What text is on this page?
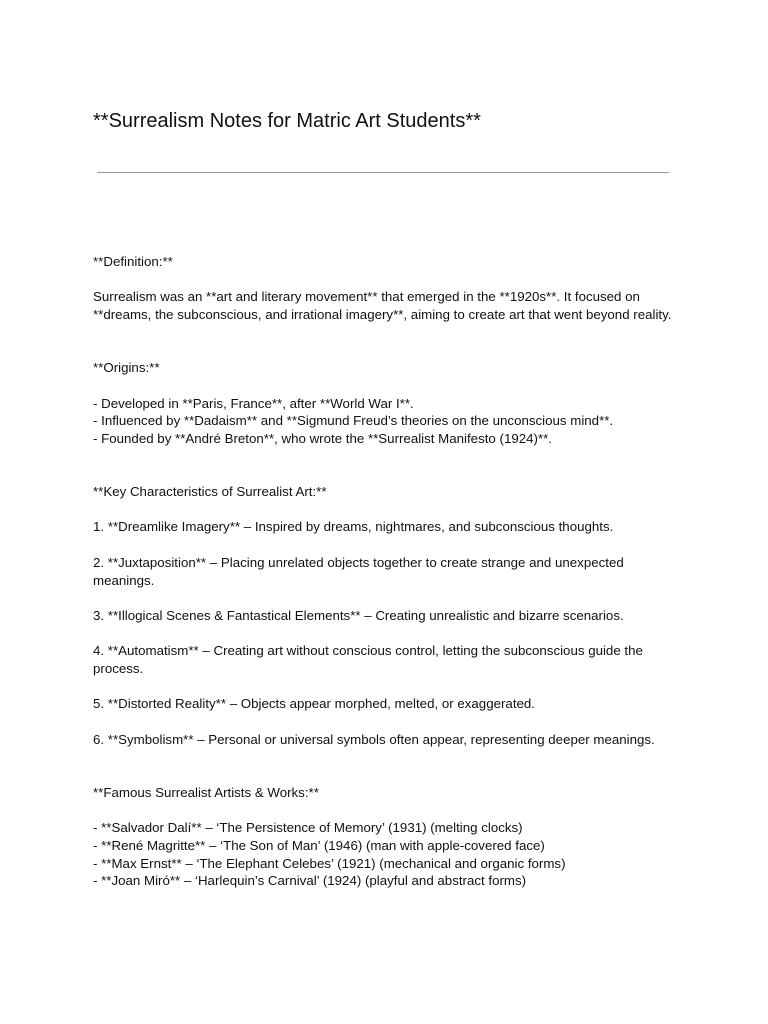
**Surrealism Notes for Matric Art Students**

**Definition:**

Surrealism was an **art and literary movement** that emerged in the **1920s**. It focused on **dreams, the subconscious, and irrational imagery**, aiming to create art that went beyond reality.

**Origins:**

- Developed in **Paris, France**, after **World War I**.

- Influenced by **Dadaism** and **Sigmund Freud’s theories on the unconscious mind**.

- Founded by **André Breton**, who wrote the **Surrealist Manifesto (1924)**.

**Key Characteristics of Surrealist Art:**

1. **Dreamlike Imagery** – Inspired by dreams, nightmares, and subconscious thoughts.

2. **Juxtaposition** – Placing unrelated objects together to create strange and unexpected meanings.

3. **Illogical Scenes & Fantastical Elements** – Creating unrealistic and bizarre scenarios.

4. **Automatism** – Creating art without conscious control, letting the subconscious guide the process.

5. **Distorted Reality** – Objects appear morphed, melted, or exaggerated.

6. **Symbolism** – Personal or universal symbols often appear, representing deeper meanings.

**Famous Surrealist Artists & Works:**

- **Salvador Dalí** – ‘The Persistence of Memory’ (1931) (melting clocks)

- **René Magritte** – ‘The Son of Man’ (1946) (man with apple-covered face)

- **Max Ernst** – ‘The Elephant Celebes’ (1921) (mechanical and organic forms)

- **Joan Miró** – ‘Harlequin’s Carnival’ (1924) (playful and abstract forms)
